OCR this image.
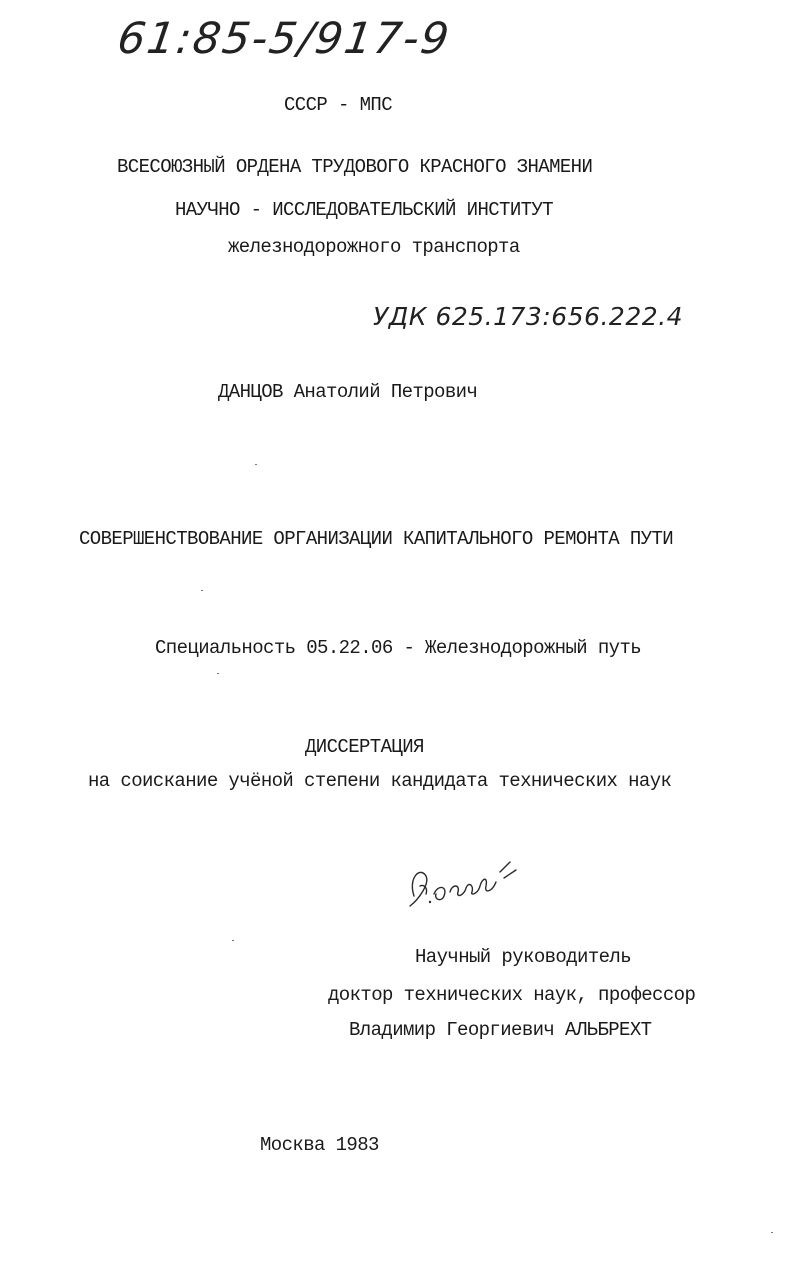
61:85-5/917-9
СССР - МПС
ВСЕСОЮЗНЫЙ ОРДЕНА ТРУДОВОГО КРАСНОГО ЗНАМЕНИ
НАУЧНО - ИССЛЕДОВАТЕЛЬСКИЙ ИНСТИТУТ
железнодорожного транспорта
УДК 625.173:656.222.4
ДАНЦОВ Анатолий Петрович
СОВЕРШЕНСТВОВАНИЕ ОРГАНИЗАЦИИ КАПИТАЛЬНОГО РЕМОНТА ПУТИ
Специальность 05.22.06 - Железнодорожный путь
ДИССЕРТАЦИЯ
на соискание учёной степени кандидата технических наук
Научный руководитель
доктор технических наук, профессор
Владимир Георгиевич АЛЬБРЕХТ
Москва 1983
